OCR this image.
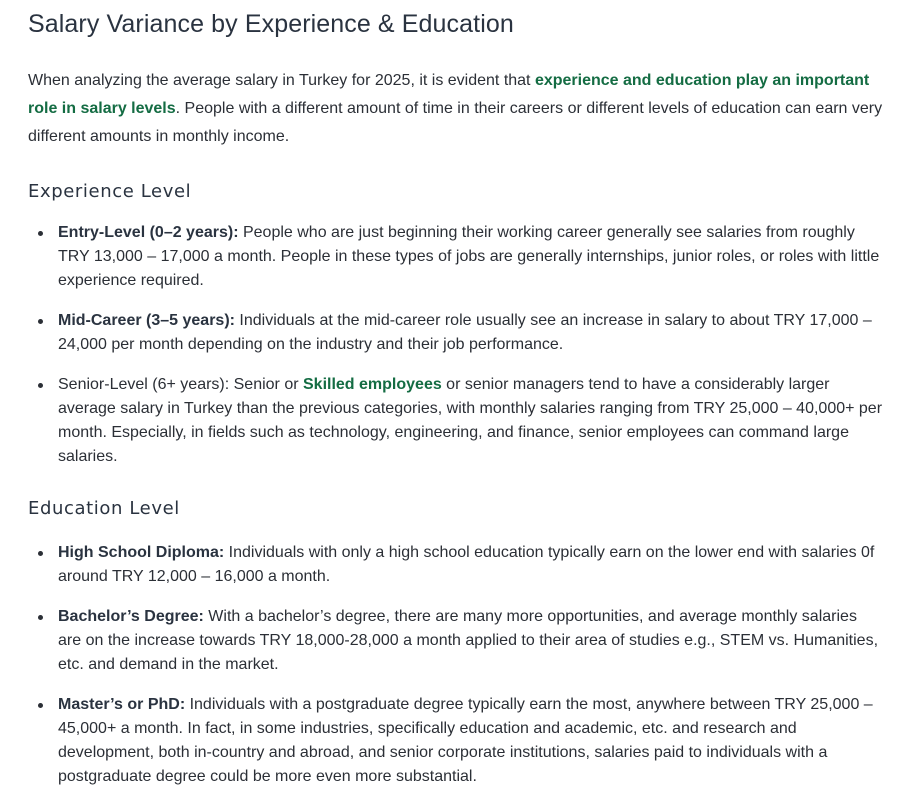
Salary Variance by Experience & Education

When analyzing the average salary in Turkey for 2025, it is evident that experience and education play an important role in salary levels. People with a different amount of time in their careers or different levels of education can earn very different amounts in monthly income.

Experience Level
Entry-Level (0–2 years): People who are just beginning their working career generally see salaries from roughly TRY 13,000 – 17,000 a month. People in these types of jobs are generally internships, junior roles, or roles with little experience required.
Mid-Career (3–5 years): Individuals at the mid-career role usually see an increase in salary to about TRY 17,000 – 24,000 per month depending on the industry and their job performance.
Senior-Level (6+ years): Senior or Skilled employees or senior managers tend to have a considerably larger average salary in Turkey than the previous categories, with monthly salaries ranging from TRY 25,000 – 40,000+ per month. Especially, in fields such as technology, engineering, and finance, senior employees can command large salaries.
Education Level
High School Diploma: Individuals with only a high school education typically earn on the lower end with salaries 0f around TRY 12,000 – 16,000 a month.
Bachelor’s Degree: With a bachelor’s degree, there are many more opportunities, and average monthly salaries are on the increase towards TRY 18,000-28,000 a month applied to their area of studies e.g., STEM vs. Humanities, etc. and demand in the market.
Master’s or PhD: Individuals with a postgraduate degree typically earn the most, anywhere between TRY 25,000 – 45,000+ a month. In fact, in some industries, specifically education and academic, etc. and research and development, both in-country and abroad, and senior corporate institutions, salaries paid to individuals with a postgraduate degree could be more even more substantial.
